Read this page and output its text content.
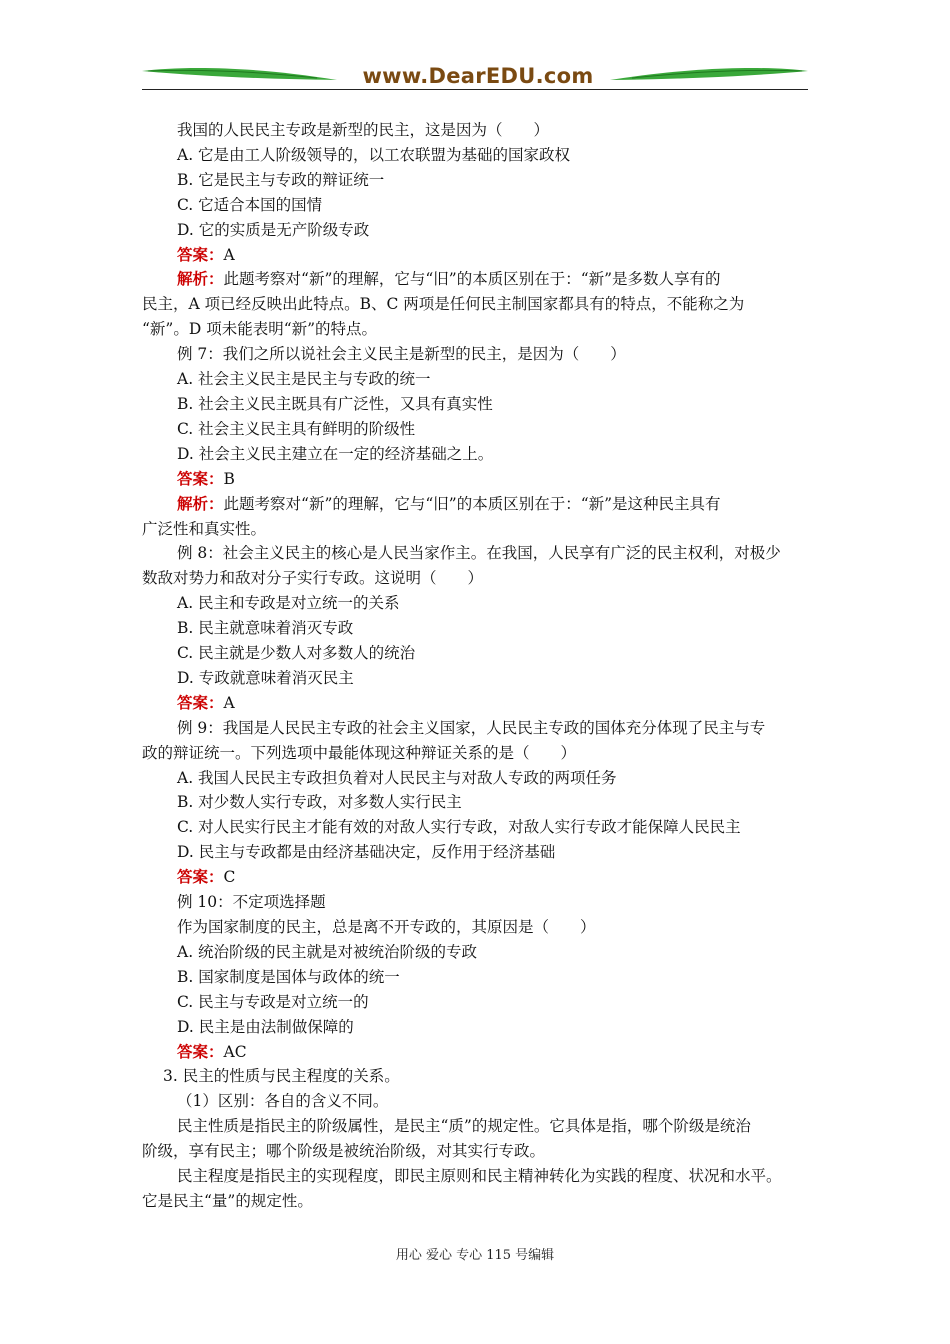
www.DearEDU.com

我国的人民民主专政是新型的民主，这是因为（　　）

A. 它是由工人阶级领导的，以工农联盟为基础的国家政权

B. 它是民主与专政的辩证统一

C. 它适合本国的国情

D. 它的实质是无产阶级专政

答案：A

解析：此题考察对“新”的理解，它与“旧”的本质区别在于：“新”是多数人享有的

民主，A 项已经反映出此特点。B、C 两项是任何民主制国家都具有的特点，不能称之为

“新”。D 项未能表明“新”的特点。

例 7：我们之所以说社会主义民主是新型的民主，是因为（　　）

A. 社会主义民主是民主与专政的统一

B. 社会主义民主既具有广泛性，又具有真实性

C. 社会主义民主具有鲜明的阶级性

D. 社会主义民主建立在一定的经济基础之上。

答案：B

解析：此题考察对“新”的理解，它与“旧”的本质区别在于：“新”是这种民主具有

广泛性和真实性。

例 8：社会主义民主的核心是人民当家作主。在我国，人民享有广泛的民主权利，对极少

数敌对势力和敌对分子实行专政。这说明（　　）

A. 民主和专政是对立统一的关系

B. 民主就意味着消灭专政

C. 民主就是少数人对多数人的统治

D. 专政就意味着消灭民主

答案：A

例 9：我国是人民民主专政的社会主义国家，人民民主专政的国体充分体现了民主与专

政的辩证统一。下列选项中最能体现这种辩证关系的是（　　）

A. 我国人民民主专政担负着对人民民主与对敌人专政的两项任务

B. 对少数人实行专政，对多数人实行民主

C. 对人民实行民主才能有效的对敌人实行专政，对敌人实行专政才能保障人民民主

D. 民主与专政都是由经济基础决定，反作用于经济基础

答案：C

例 10：不定项选择题

作为国家制度的民主，总是离不开专政的，其原因是（　　）

A. 统治阶级的民主就是对被统治阶级的专政

B. 国家制度是国体与政体的统一

C. 民主与专政是对立统一的

D. 民主是由法制做保障的

答案：AC

3. 民主的性质与民主程度的关系。

（1）区别：各自的含义不同。

民主性质是指民主的阶级属性，是民主“质”的规定性。它具体是指，哪个阶级是统治

阶级，享有民主；哪个阶级是被统治阶级，对其实行专政。

民主程度是指民主的实现程度，即民主原则和民主精神转化为实践的程度、状况和水平。

它是民主“量”的规定性。

用心 爱心 专心 115 号编辑
